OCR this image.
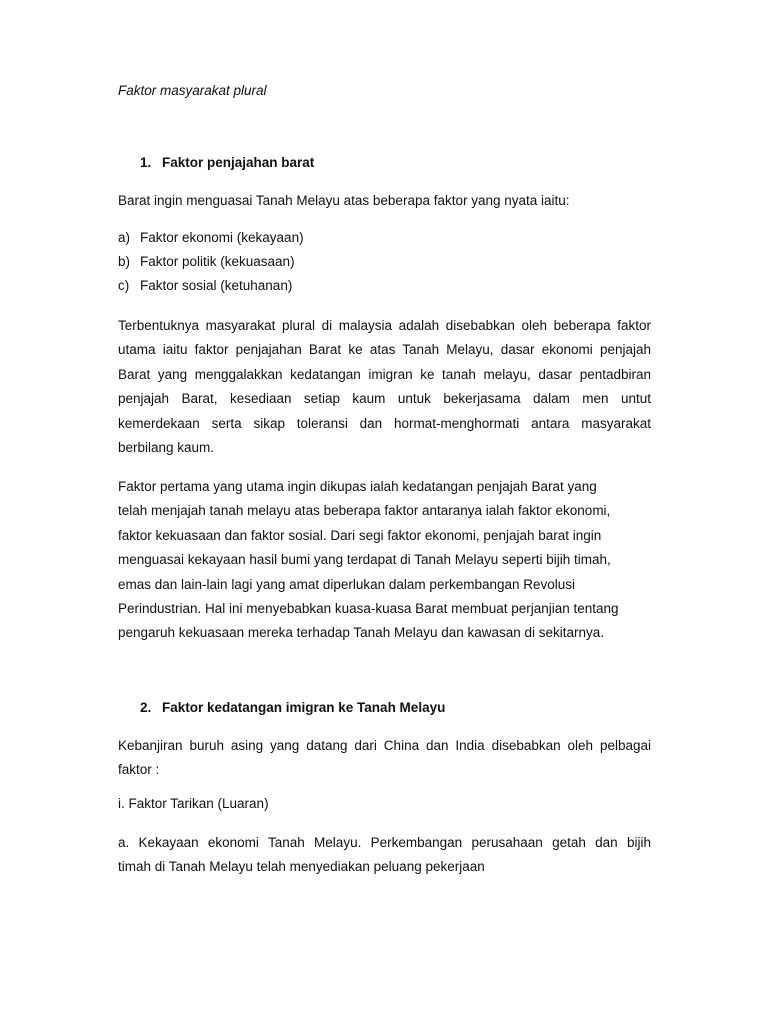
Faktor masyarakat plural
1. Faktor penjajahan barat
Barat ingin menguasai Tanah Melayu atas beberapa faktor yang nyata iaitu:
a) Faktor ekonomi (kekayaan)
b) Faktor politik (kekuasaan)
c) Faktor sosial (ketuhanan)
Terbentuknya masyarakat plural di malaysia adalah disebabkan oleh beberapa faktor
utama iaitu faktor penjajahan Barat ke atas Tanah Melayu, dasar ekonomi penjajah
Barat yang menggalakkan kedatangan imigran ke tanah melayu, dasar pentadbiran
penjajah Barat, kesediaan setiap kaum untuk bekerjasama dalam men untut
kemerdekaan serta sikap toleransi dan hormat-menghormati antara masyarakat
berbilang kaum.
Faktor pertama yang utama ingin dikupas ialah kedatangan penjajah Barat yang
telah menjajah tanah melayu atas beberapa faktor antaranya ialah faktor ekonomi,
faktor kekuasaan dan faktor sosial. Dari segi faktor ekonomi, penjajah barat ingin
menguasai kekayaan hasil bumi yang terdapat di Tanah Melayu seperti bijih timah,
emas dan lain-lain lagi yang amat diperlukan dalam perkembangan Revolusi
Perindustrian. Hal ini menyebabkan kuasa-kuasa Barat membuat perjanjian tentang
pengaruh kekuasaan mereka terhadap Tanah Melayu dan kawasan di sekitarnya.
2. Faktor kedatangan imigran ke Tanah Melayu
Kebanjiran buruh asing yang datang dari China dan India disebabkan oleh pelbagai
faktor :
i. Faktor Tarikan (Luaran)
a. Kekayaan ekonomi Tanah Melayu. Perkembangan perusahaan getah dan bijih
timah di Tanah Melayu telah menyediakan peluang pekerjaan
